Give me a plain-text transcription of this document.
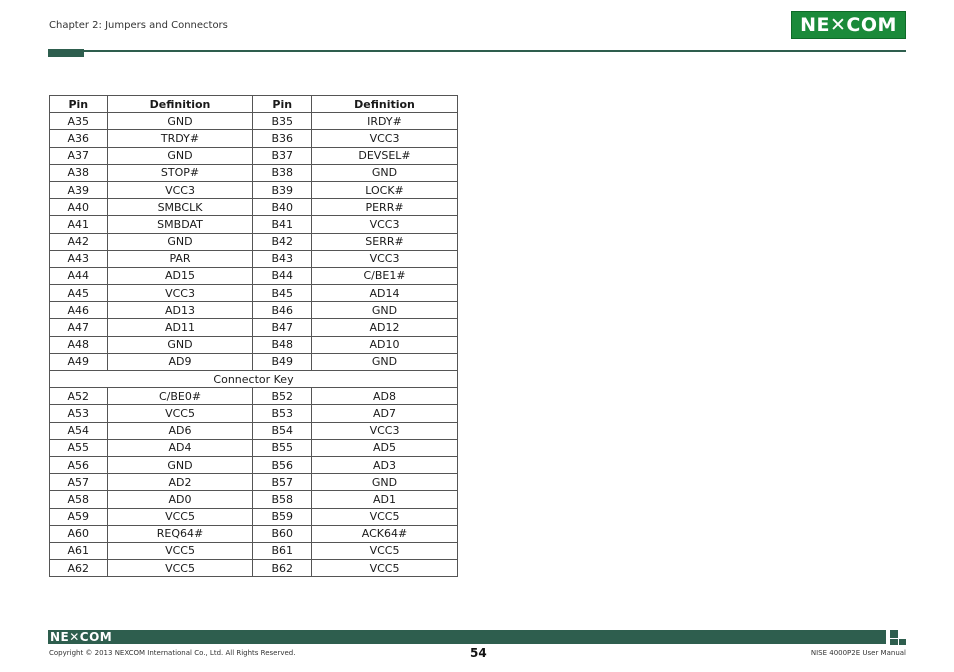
Chapter 2: Jumpers and Connectors	NE✕COM
Pin	Definition	Pin	Definition
A35	GND	B35	IRDY#
A36	TRDY#	B36	VCC3
A37	GND	B37	DEVSEL#
A38	STOP#	B38	GND
A39	VCC3	B39	LOCK#
A40	SMBCLK	B40	PERR#
A41	SMBDAT	B41	VCC3
A42	GND	B42	SERR#
A43	PAR	B43	VCC3
A44	AD15	B44	C/BE1#
A45	VCC3	B45	AD14
A46	AD13	B46	GND
A47	AD11	B47	AD12
A48	GND	B48	AD10
A49	AD9	B49	GND
Connector Key			
A52	C/BE0#	B52	AD8
A53	VCC5	B53	AD7
A54	AD6	B54	VCC3
A55	AD4	B55	AD5
A56	GND	B56	AD3
A57	AD2	B57	GND
A58	AD0	B58	AD1
A59	VCC5	B59	VCC5
A60	REQ64#	B60	ACK64#
A61	VCC5	B61	VCC5
A62	VCC5	B62	VCC5
NE✕COM
Copyright © 2013 NEXCOM International Co., Ltd. All Rights Reserved.	54	NISE 4000P2E User Manual
